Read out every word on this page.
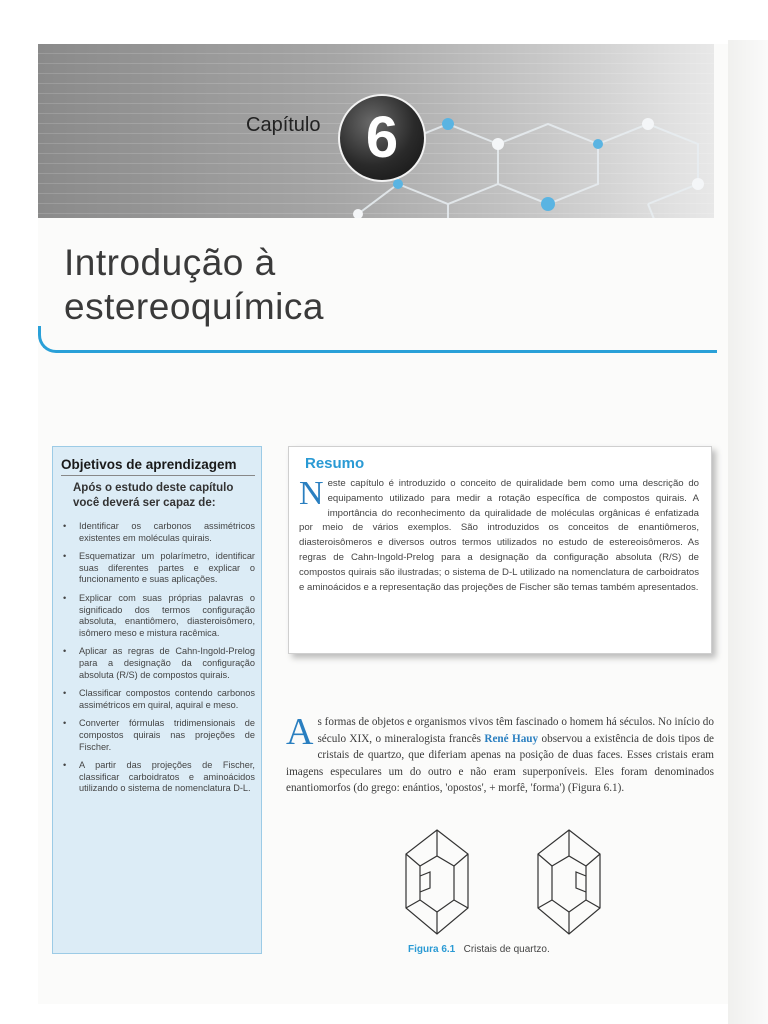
Capítulo 6
Introdução à
estereoquímica
Objetivos de aprendizagem
Após o estudo deste capítulo você deverá ser capaz de:
• Identificar os carbonos assimétricos existentes em moléculas quirais.
• Esquematizar um polarímetro, identificar suas diferentes partes e explicar o funcionamento e suas aplicações.
• Explicar com suas próprias palavras o significado dos termos configuração absoluta, enantiômero, diasteroisômero, isômero meso e mistura racêmica.
• Aplicar as regras de Cahn-Ingold-Prelog para a designação da configuração absoluta (R/S) de compostos quirais.
• Classificar compostos contendo carbonos assimétricos em quiral, aquiral e meso.
• Converter fórmulas tridimensionais de compostos quirais nas projeções de Fischer.
• A partir das projeções de Fischer, classificar carboidratos e aminoácidos utilizando o sistema de nomenclatura D-L.
Resumo
Neste capítulo é introduzido o conceito de quiralidade bem como uma descrição do equipamento utilizado para medir a rotação específica de compostos quirais. A importância do reconhecimento da quiralidade de moléculas orgânicas é enfatizada por meio de vários exemplos. São introduzidos os conceitos de enantiômeros, diasteroisômeros e diversos outros termos utilizados no estudo de estereoisômeros. As regras de Cahn-Ingold-Prelog para a designação da configuração absoluta (R/S) de compostos quirais são ilustradas; o sistema de D-L utilizado na nomenclatura de carboidratos e aminoácidos e a representação das projeções de Fischer são temas também apresentados.
As formas de objetos e organismos vivos têm fascinado o homem há séculos. No início do século XIX, o mineralogista francês René Hauy observou a existência de dois tipos de cristais de quartzo, que diferiam apenas na posição de duas faces. Esses cristais eram imagens especulares um do outro e não eram superponíveis. Eles foram denominados enantiomorfos (do grego: enántios, 'opostos', + morfê, 'forma') (Figura 6.1).
Figura 6.1 Cristais de quartzo.
